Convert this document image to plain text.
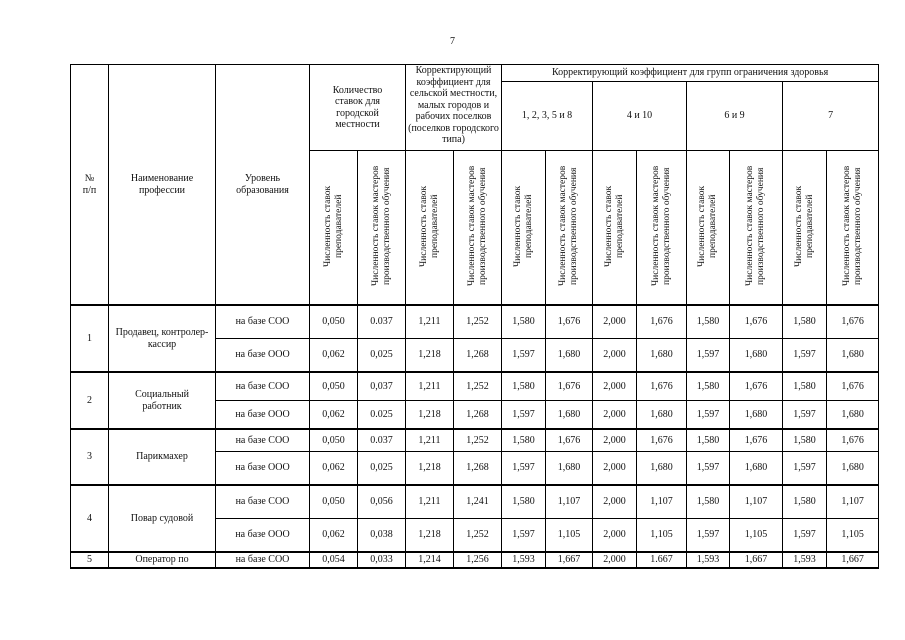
7
№
п/п	Наименование профессии	Уровень образования	Количество ставок для городской местности		Корректирующий коэффициент для сельской местности, малых городов и рабочих поселков (поселков городского типа)		Корректирующий коэффициент для групп ограничения здоровья							
							1, 2, 3, 5 и 8		4 и 10		6 и 9		7	
			Численность ставок преподавателей	Численность ставок мастеров производственного обучения	Численность ставок преподавателей	Численность ставок мастеров производственного обучения	Численность ставок преподавателей	Численность ставок мастеров производственного обучения	Численность ставок преподавателей	Численность ставок мастеров производственного обучения	Численность ставок преподавателей	Численность ставок мастеров производственного обучения	Численность ставок преподавателей	Численность ставок мастеров производственного обучения
1	Продавец, контролер-кассир	на базе СОО	0,050	0.037	1,211	1,252	1,580	1,676	2,000	1,676	1,580	1,676	1,580	1,676
		на базе ООО	0,062	0,025	1,218	1,268	1,597	1,680	2,000	1,680	1,597	1,680	1,597	1,680
2	Социальный работник	на базе СОО	0,050	0,037	1,211	1,252	1,580	1,676	2,000	1,676	1,580	1,676	1,580	1,676
		на базе ООО	0,062	0.025	1,218	1,268	1,597	1,680	2,000	1,680	1,597	1,680	1,597	1,680
3	Парикмахер	на базе СОО	0,050	0.037	1,211	1,252	1,580	1,676	2,000	1,676	1,580	1,676	1,580	1,676
		на базе ООО	0,062	0,025	1,218	1,268	1,597	1,680	2,000	1,680	1,597	1,680	1,597	1,680
4	Повар судовой	на базе СОО	0,050	0,056	1,211	1,241	1,580	1,107	2,000	1,107	1,580	1,107	1,580	1,107
		на базе ООО	0,062	0,038	1,218	1,252	1,597	1,105	2,000	1,105	1,597	1,105	1,597	1,105
5	Оператор по	на базе СОО	0,054	0,033	1,214	1,256	1,593	1,667	2,000	1.667	1,593	1,667	1,593	1,667
